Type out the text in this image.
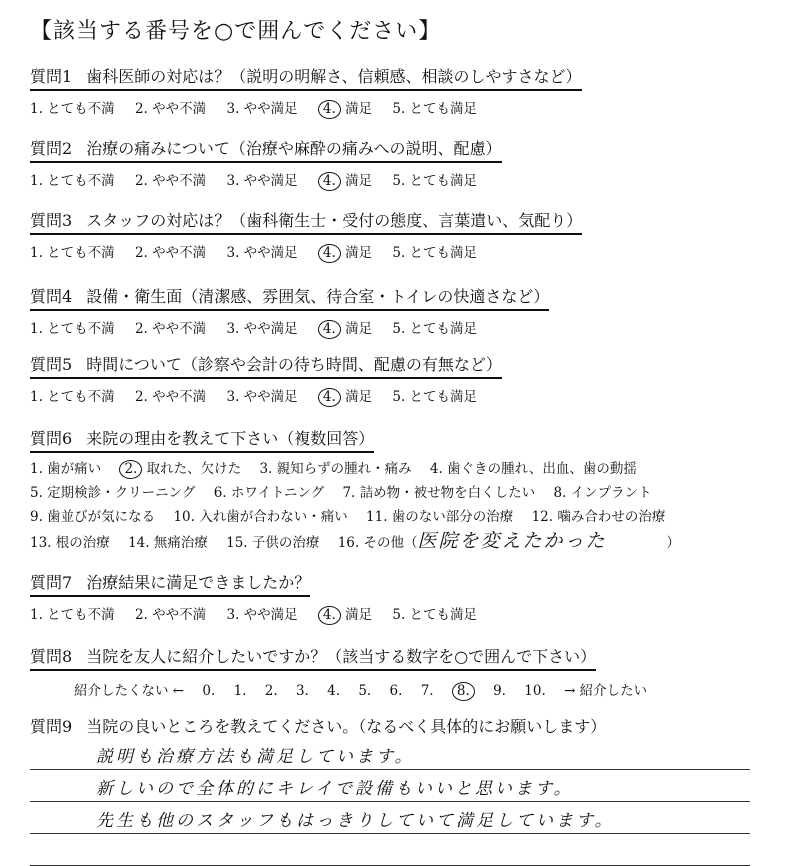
【該当する番号を○で囲んでください】
質問1 歯科医師の対応は？（説明の明解さ、信頼感、相談のしやすさなど）
1. とても不満 2. やや不満 3. やや満足 4. 満足 5. とても満足
質問2 治療の痛みについて（治療や麻酔の痛みへの説明、配慮）
1. とても不満 2. やや不満 3. やや満足 4. 満足 5. とても満足
質問3 スタッフの対応は？（歯科衛生士・受付の態度、言葉遣い、気配り）
1. とても不満 2. やや不満 3. やや満足 4. 満足 5. とても満足
質問4 設備・衛生面（清潔感、雰囲気、待合室・トイレの快適さなど）
1. とても不満 2. やや不満 3. やや満足 4. 満足 5. とても満足
質問5 時間について（診察や会計の待ち時間、配慮の有無など）
1. とても不満 2. やや不満 3. やや満足 4. 満足 5. とても満足
質問6 来院の理由を教えて下さい（複数回答）
1. 歯が痛い 2. 取れた、欠けた 3. 親知らずの腫れ・痛み 4. 歯ぐきの腫れ、出血、歯の動揺
5. 定期検診・クリーニング 6. ホワイトニング 7. 詰め物・被せ物を白くしたい 8. インプラント
9. 歯並びが気になる 10. 入れ歯が合わない・痛い 11. 歯のない部分の治療 12. 噛み合わせの治療
13. 根の治療 14. 無痛治療 15. 子供の治療 16. その他（医院を変えたかった	）
質問7 治療結果に満足できましたか？
1. とても不満 2. やや不満 3. やや満足 4. 満足 5. とても満足
質問8 当院を友人に紹介したいですか？（該当する数字を○で囲んで下さい）
紹介したくない ← 0. 1. 2. 3. 4. 5. 6. 7. 8. 9. 10. → 紹介したい
質問9 当院の良いところを教えてください。（なるべく具体的にお願いします）
説明も治療方法も満足しています。
新しいので全体的にキレイで設備もいいと思います。
先生も他のスタッフもはっきりしていて満足しています。
